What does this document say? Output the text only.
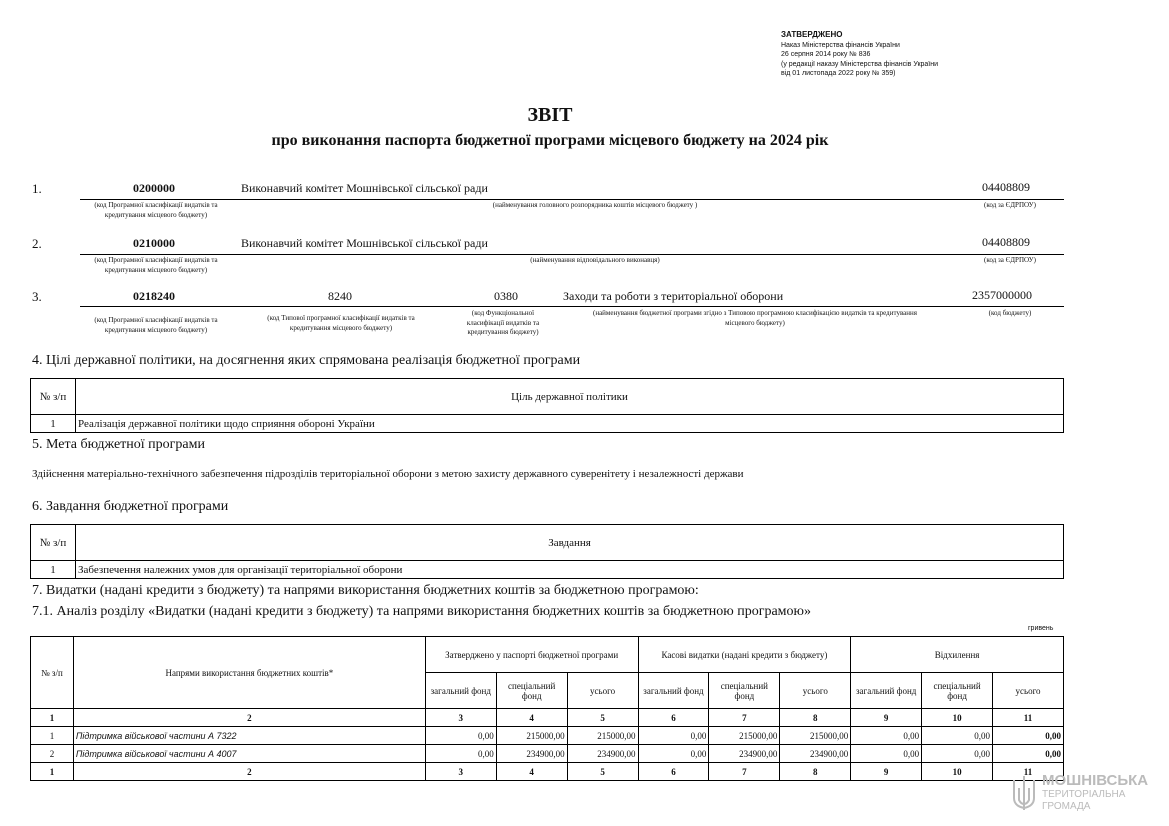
ЗАТВЕРДЖЕНО
Наказ Міністерства фінансів України
26 серпня 2014 року № 836
(у редакції наказу Міністерства фінансів України
від 01 листопада 2022 року № 359)
ЗВІТ
про виконання паспорта бюджетної програми місцевого бюджету на 2024 рік
1.	0200000	Виконавчий комітет Мошнівської сільської ради	04408809
(код Програмної класифікації видатків та кредитування місцевого бюджету)
(найменування головного розпорядника коштів місцевого бюджету )	(код за ЄДРПОУ)
2.	0210000	Виконавчий комітет Мошнівської сільської ради	04408809
(код Програмної класифікації видатків та кредитування місцевого бюджету)
(найменування відповідального виконавця)	(код за ЄДРПОУ)
3.	0218240	8240	0380	Заходи та роботи з територіальної оборони	2357000000
(код Програмної класифікації видатків та кредитування місцевого бюджету)
(код Типової програмної класифікації видатків та кредитування місцевого бюджету)
(код Функціональної класифікації видатків та кредитування бюджету)
(найменування бюджетної програми згідно з Типовою програмною класифікацією видатків та кредитування місцевого бюджету)
(код бюджету)
4. Цілі державної політики, на досягнення яких спрямована реалізація бюджетної програми
№ з/п	Ціль державної політики
1	Реалізація державної політики щодо сприяння обороні України
5. Мета бюджетної програми
Здійснення матеріально-технічного забезпечення підрозділів територіальної оборони з метою захисту державного суверенітету і незалежності держави
6. Завдання бюджетної програми
№ з/п	Завдання
1	Забезпечення належних умов для організації територіальної оборони
7. Видатки (надані кредити з бюджету) та напрями використання бюджетних коштів за бюджетною програмою:
7.1. Аналіз розділу «Видатки (надані кредити з бюджету) та напрями використання бюджетних коштів за бюджетною програмою»
гривень
№ з/п	Напрями використання бюджетних коштів*	Затверджено у паспорті бюджетної програми			Касові видатки (надані кредити з бюджету)			Відхилення		
		загальний фонд	спеціальний фонд	усього	загальний фонд	спеціальний фонд	усього	загальний фонд	спеціальний фонд	усього
1	2	3	4	5	6	7	8	9	10	11
1	Підтримка військової частини А 7322	0,00	215000,00	215000,00	0,00	215000,00	215000,00	0,00	0,00	0,00
2	Підтримка військової частини А 4007	0,00	234900,00	234900,00	0,00	234900,00	234900,00	0,00	0,00	0,00
1	2	3	4	5	6	7	8	9	10	11
МОШНІВСЬКА
ТЕРИТОРІАЛЬНА
ГРОМАДА
